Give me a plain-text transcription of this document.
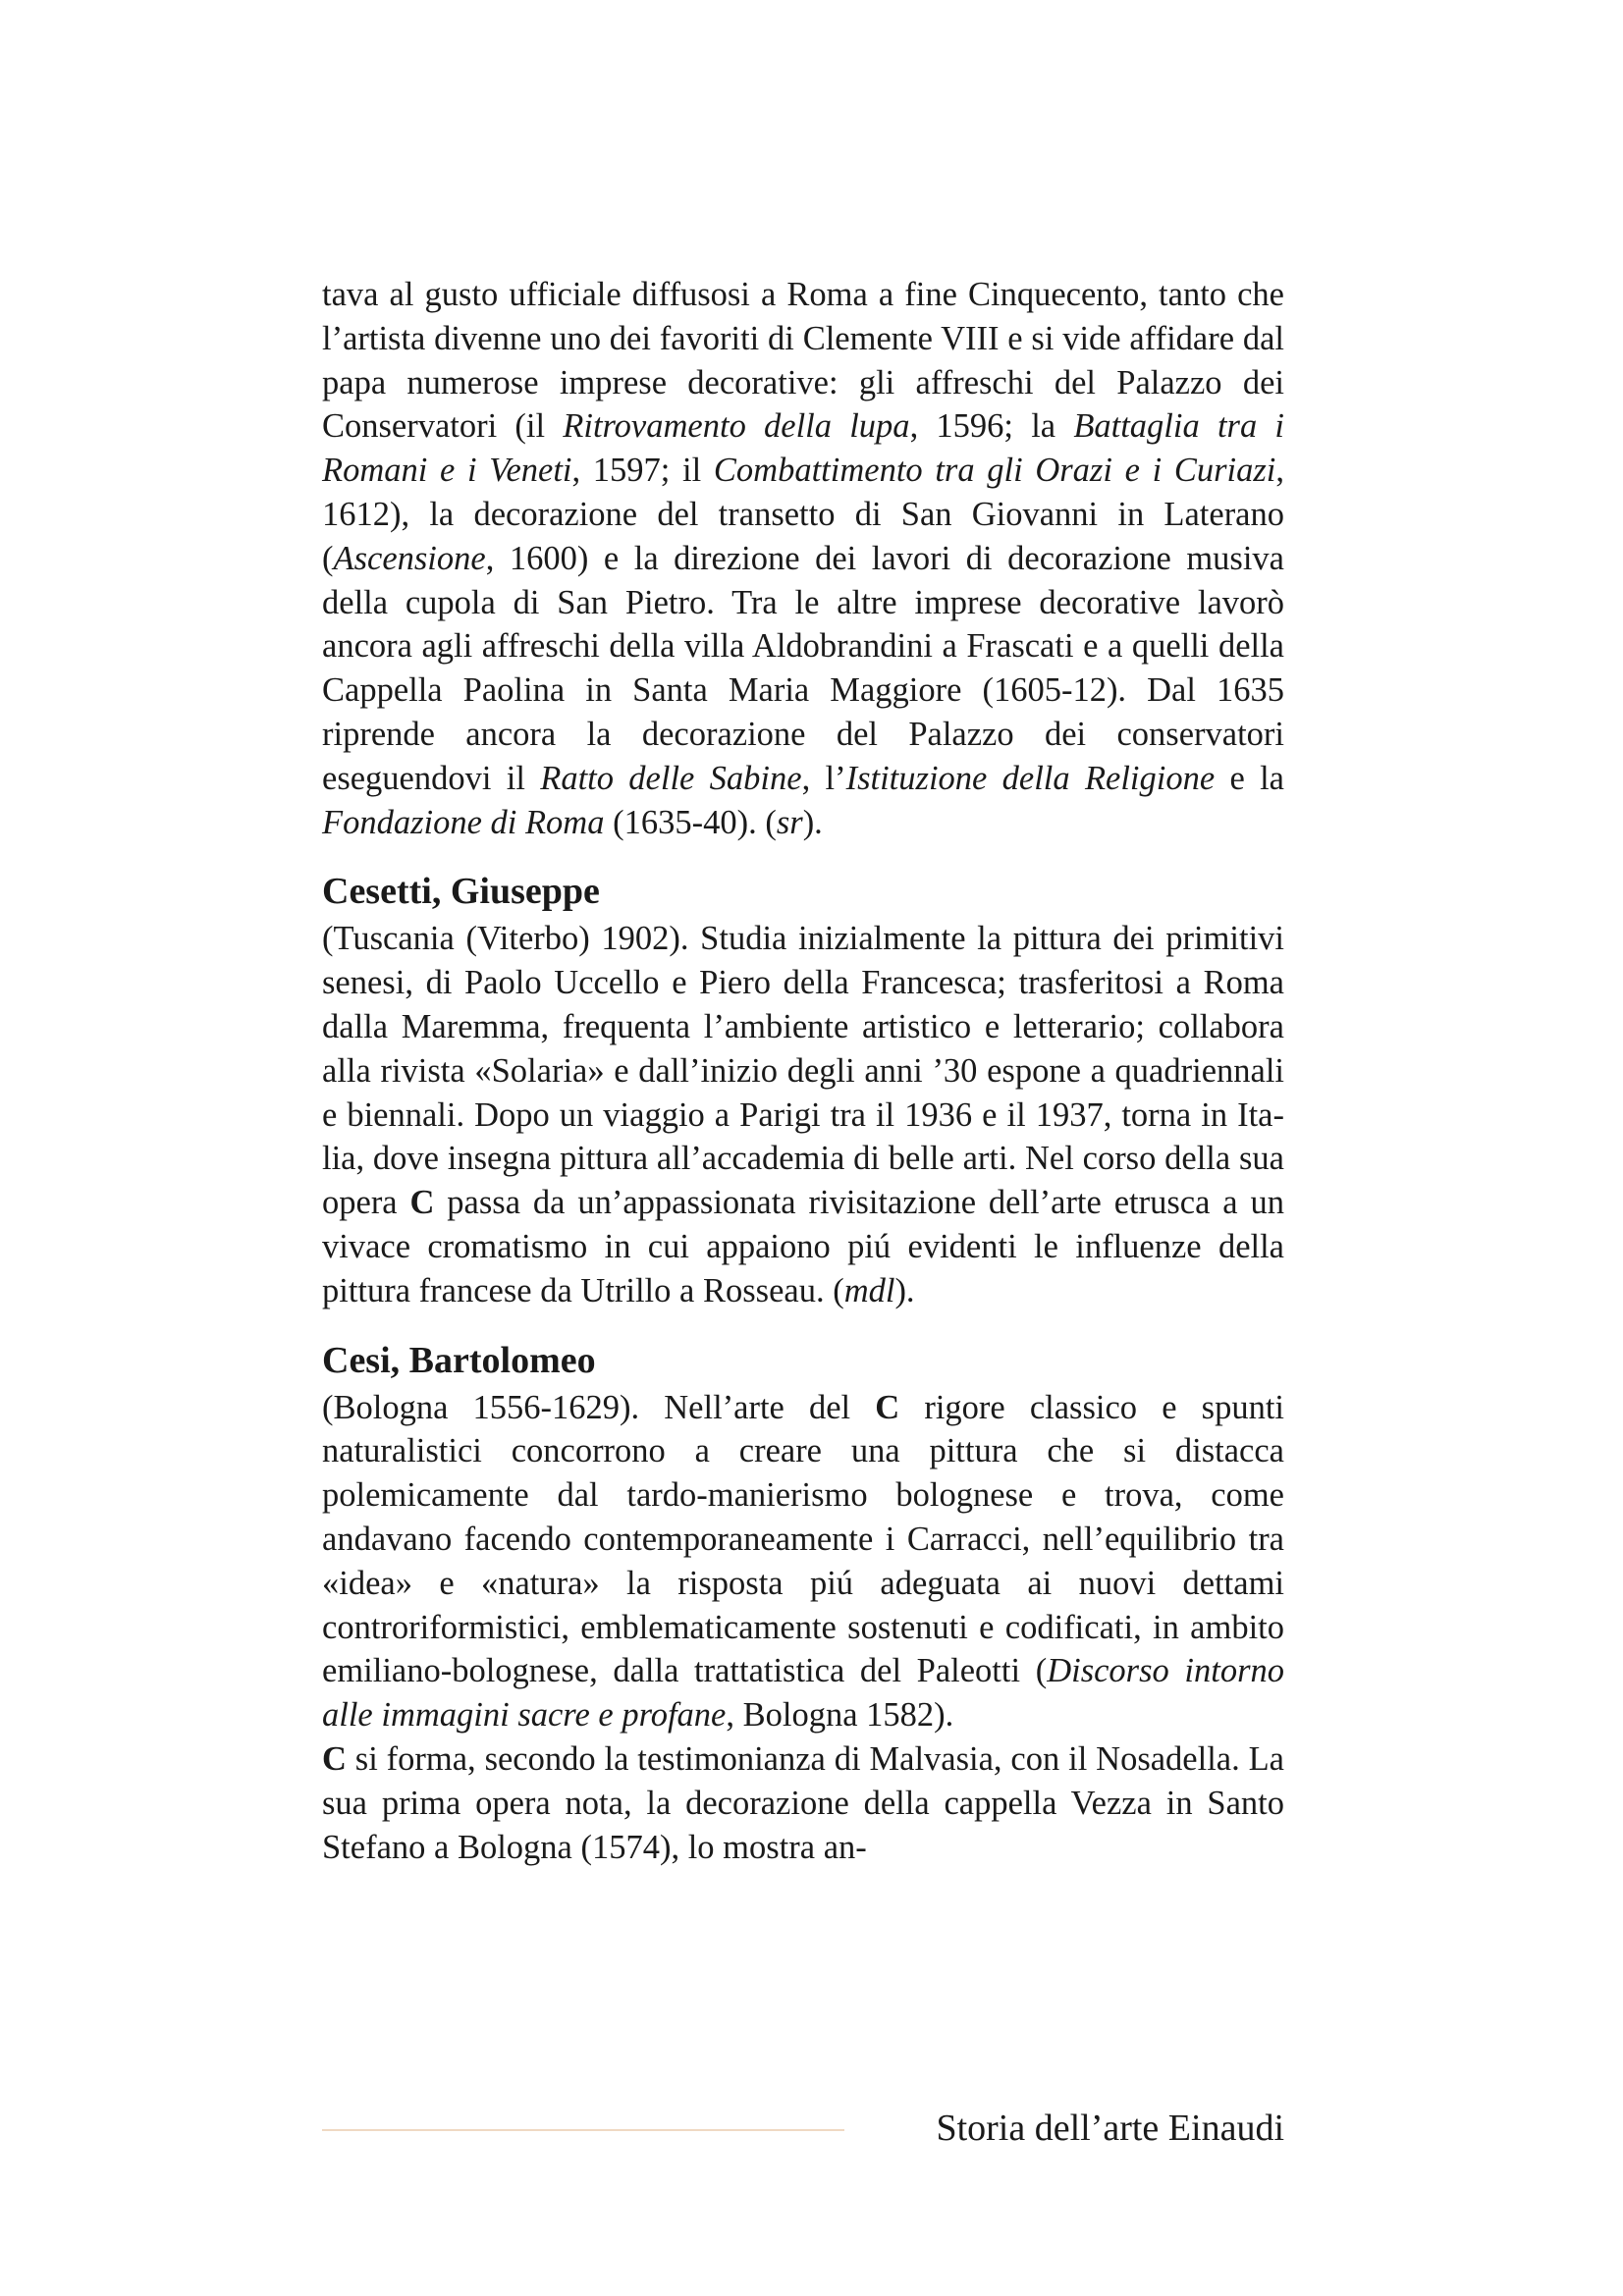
tava al gusto ufficiale diffusosi a Roma a fine Cinquecento, tanto che l’artista divenne uno dei favoriti di Clemente VIII e si vide affidare dal papa numerose imprese decorative: gli affreschi del Palazzo dei Conservatori (il Ritrovamento della lupa, 1596; la Battaglia tra i Romani e i Veneti, 1597; il Combattimento tra gli Orazi e i Curiazi, 1612), la decorazione del transetto di San Giovanni in Laterano (Ascensione, 1600) e la direzione dei lavori di decorazione musiva della cupola di San Pietro. Tra le altre imprese decorative lavorò ancora agli affreschi della villa Aldobrandini a Frascati e a quelli della Cappella Paolina in Santa Maria Maggiore (1605-12). Dal 1635 riprende ancora la decorazione del Palazzo dei conservatori eseguendovi il Ratto delle Sabine, l’Istituzione della Religione e la Fondazione di Roma (1635-40). (sr).

Cesetti, Giuseppe

(Tuscania (Viterbo) 1902). Studia inizialmente la pittura dei primitivi senesi, di Paolo Uccello e Piero della Francesca; trasferitosi a Roma dalla Maremma, frequenta l’ambiente artistico e letterario; collabora alla rivista «Solaria» e dall’inizio degli anni ’30 espone a quadriennali e biennali. Dopo un viaggio a Parigi tra il 1936 e il 1937, torna in Italia, dove insegna pittura all’accademia di belle arti. Nel corso della sua opera C passa da un’appassionata rivisitazione dell’arte etrusca a un vivace cromatismo in cui appaiono piú evidenti le influenze della pittura francese da Utrillo a Rosseau. (mdl).

Cesi, Bartolomeo

(Bologna 1556-1629). Nell’arte del C rigore classico e spunti naturalistici concorrono a creare una pittura che si distacca polemicamente dal tardo-manierismo bolognese e trova, come andavano facendo contemporaneamente i Carracci, nell’equilibrio tra «idea» e «natura» la risposta piú adeguata ai nuovi dettami controriformistici, emblematicamente sostenuti e codificati, in ambito emiliano-bolognese, dalla trattatistica del Paleotti (Discorso intorno alle immagini sacre e profane, Bologna 1582).

C si forma, secondo la testimonianza di Malvasia, con il Nosadella. La sua prima opera nota, la decorazione della cappella Vezza in Santo Stefano a Bologna (1574), lo mostra an-

Storia dell’arte Einaudi
